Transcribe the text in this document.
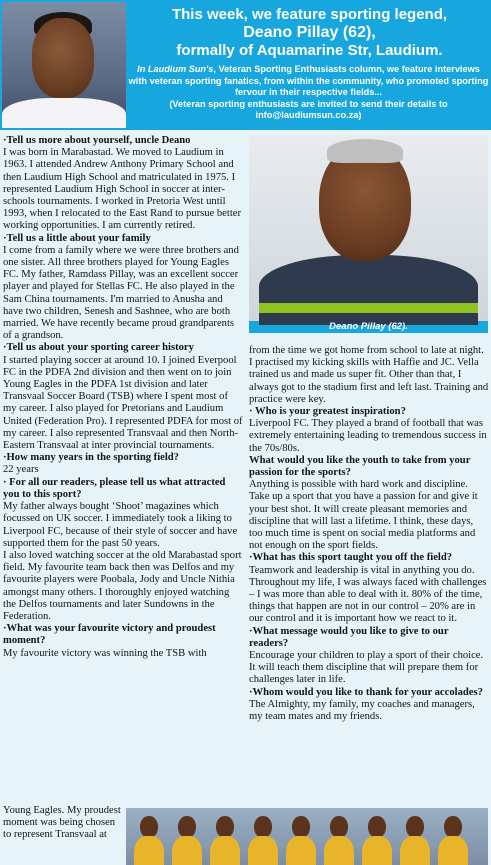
This week, we feature sporting legend,
Deano Pillay (62),
formally of Aquamarine Str, Laudium.
In Laudium Sun's, Veteran Sporting Enthusiasts column, we feature interviews with veteran sporting fanatics, from within the community, who promoted sporting fervour in their respective fields...
(Veteran sporting enthusiasts are invited to send their details to info@laudiumsun.co.za)

·Tell us more about yourself, uncle Deano

I was born in Marabastad. We moved to Laudium in 1963. I attended Andrew Anthony Primary School and then Laudium High School and matriculated in 1975. I represented Laudium High School in soccer at inter-schools tournaments. I worked in Pretoria West until 1993, when I relocated to the East Rand to pursue better working opportunities. I am currently retired.

·Tell us a little about your family

I come from a family where we were three brothers and one sister. All three brothers played for Young Eagles FC. My father, Ramdass Pillay, was an excellent soccer player and played for Stellas FC. He also played in the Sam China tournaments. I'm married to Anusha and have two children, Senesh and Sashnee, who are both married. We have recently became proud grandparents of a grandson.

·Tell us about your sporting career history

I started playing soccer at around 10. I joined Everpool FC in the PDFA 2nd division and then went on to join Young Eagles in the PDFA 1st division and later Transvaal Soccer Board (TSB) where I spent most of my career. I also played for Pretorians and Laudium United (Federation Pro). I represented PDFA for most of my career. I also represented Transvaal and then North-Eastern Transvaal at inter provincial tournaments.

·How many years in the sporting field?

22 years

· For all our readers, please tell us what attracted you to this sport?

My father always bought ‘Shoot’ magazines which focussed on UK soccer. I immediately took a liking to Liverpool FC, because of their style of soccer and have supported them for the past 50 years.

I also loved watching soccer at the old Marabastad sport field. My favourite team back then was Delfos and my favourite players were Poobala, Jody and Uncle Nithia amongst many others. I thoroughly enjoyed watching the Delfos tournaments and later Sundowns in the Federation.

·What was your favourite victory and proudest moment?

My favourite victory was winning the TSB with

Deano Pillay (62).

from the time we got home from school to late at night. I practised my kicking skills with Haffie and JC. Vella trained us and made us super fit. Other than that, I always got to the stadium first and left last. Training and practice were key.

· Who is your greatest inspiration?

Liverpool FC. They played a brand of football that was extremely entertaining leading to tremendous success in the 70s/80s.

What would you like the youth to take from your passion for the sports?

Anything is possible with hard work and discipline. Take up a sport that you have a passion for and give it your best shot. It will create pleasant memories and discipline that will last a lifetime. I think, these days, too much time is spent on social media platforms and not enough on the sport fields.

·What has this sport taught you off the field?

Teamwork and leadership is vital in anything you do. Throughout my life, I was always faced with challenges – I was more than able to deal with it. 80% of the time, things that happen are not in our control – 20% are in our control and it is important how we react to it.

·What message would you like to give to our readers?

Encourage your children to play a sport of their choice. It will teach them discipline that will prepare them for challenges later in life.

·Whom would you like to thank for your accolades?

The Almighty, my family, my coaches and managers, my team mates and my friends.

Young Eagles. My proudest moment was being chosen to represent Transvaal at
